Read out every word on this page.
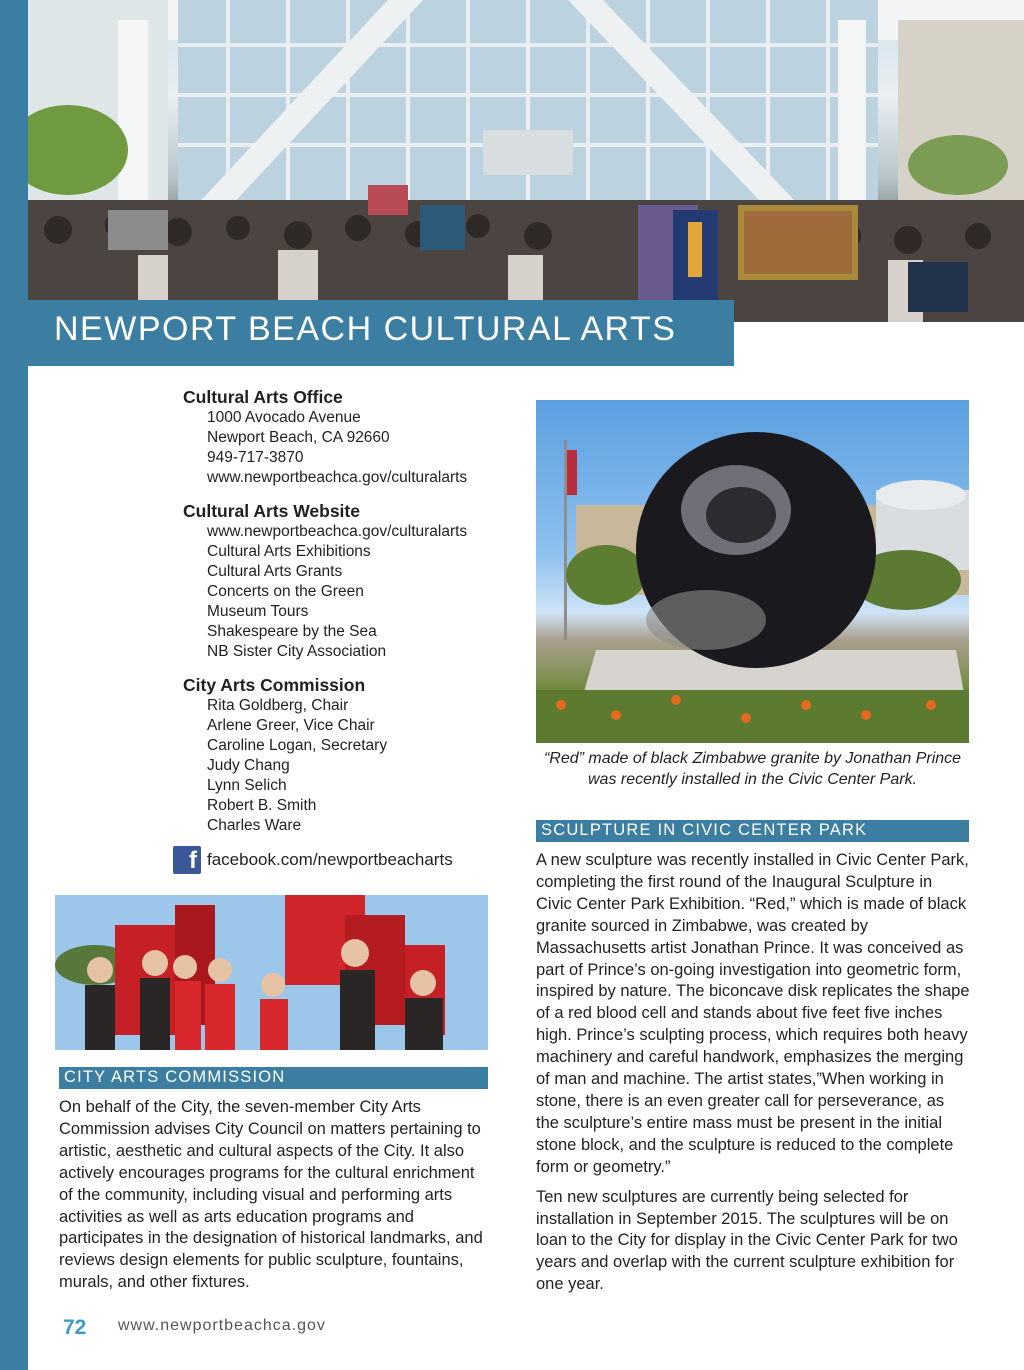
NEWPORT BEACH CULTURAL ARTS
Cultural Arts Office
1000 Avocado Avenue
Newport Beach, CA 92660
949-717-3870
www.newportbeachca.gov/culturalarts
Cultural Arts Website
www.newportbeachca.gov/culturalarts
Cultural Arts Exhibitions
Cultural Arts Grants
Concerts on the Green
Museum Tours
Shakespeare by the Sea
NB Sister City Association
City Arts Commission
Rita Goldberg, Chair
Arlene Greer, Vice Chair
Caroline Logan, Secretary
Judy Chang
Lynn Selich
Robert B. Smith
Charles Ware
f facebook.com/newportbeacharts
CITY ARTS COMMISSION

On behalf of the City, the seven-member City Arts Commission advises City Council on matters pertaining to artistic, aesthetic and cultural aspects of the City. It also actively encourages programs for the cultural enrichment of the community, including visual and performing arts activities as well as arts education programs and participates in the designation of historical landmarks, and reviews design elements for public sculpture, fountains, murals, and other fixtures.

“Red” made of black Zimbabwe granite by Jonathan Prince was recently installed in the Civic Center Park.
SCULPTURE IN CIVIC CENTER PARK

A new sculpture was recently installed in Civic Center Park, completing the first round of the Inaugural Sculpture in Civic Center Park Exhibition. “Red,” which is made of black granite sourced in Zimbabwe, was created by Massachusetts artist Jonathan Prince. It was conceived as part of Prince’s on-going investigation into geometric form, inspired by nature. The biconcave disk replicates the shape of a red blood cell and stands about five feet five inches high. Prince’s sculpting process, which requires both heavy machinery and careful handwork, emphasizes the merging of man and machine. The artist states,”When working in stone, there is an even greater call for perseverance, as the sculpture’s entire mass must be present in the initial stone block, and the sculpture is reduced to the complete form or geometry.”

Ten new sculptures are currently being selected for installation in September 2015. The sculptures will be on loan to the City for display in the Civic Center Park for two years and overlap with the current sculpture exhibition for one year.

72 www.newportbeachca.gov
